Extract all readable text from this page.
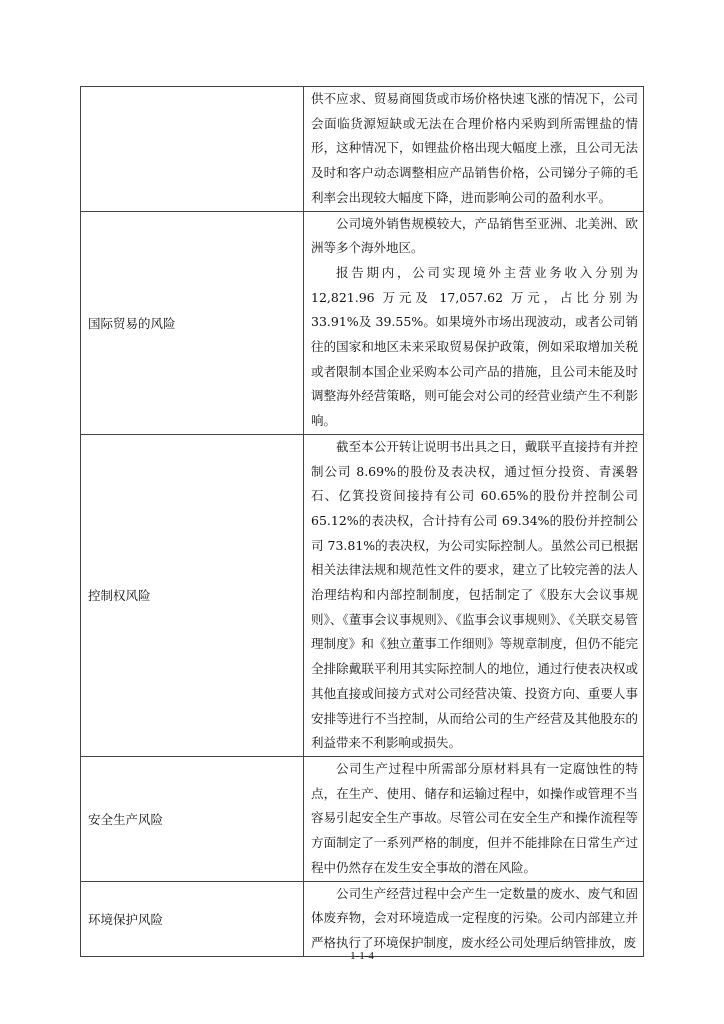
	供不应求、贸易商囤货或市场价格快速飞涨的情况下，公司会面临货源短缺或无法在合理价格内采购到所需锂盐的情形，这种情况下，如锂盐价格出现大幅度上涨，且公司无法及时和客户动态调整相应产品销售价格，公司锑分子筛的毛利率会出现较大幅度下降，进而影响公司的盈利水平。

国际贸易的风险	公司境外销售规模较大，产品销售至亚洲、北美洲、欧洲等多个海外地区。

报告期内，公司实现境外主营业务收入分别为 12,821.96 万元及 17,057.62 万元，占比分别为 33.91%及 39.55%。如果境外市场出现波动，或者公司销往的国家和地区未来采取贸易保护政策，例如采取增加关税或者限制本国企业采购本公司产品的措施，且公司未能及时调整海外经营策略，则可能会对公司的经营业绩产生不利影响。

控制权风险	截至本公开转让说明书出具之日，戴联平直接持有并控制公司 8.69%的股份及表决权，通过恒分投资、青溪磐石、亿箕投资间接持有公司 60.65%的股份并控制公司 65.12%的表决权，合计持有公司 69.34%的股份并控制公司 73.81%的表决权，为公司实际控制人。虽然公司已根据相关法律法规和规范性文件的要求，建立了比较完善的法人治理结构和内部控制制度，包括制定了《股东大会议事规则》、《董事会议事规则》、《监事会议事规则》、《关联交易管理制度》和《独立董事工作细则》等规章制度，但仍不能完全排除戴联平利用其实际控制人的地位，通过行使表决权或其他直接或间接方式对公司经营决策、投资方向、重要人事安排等进行不当控制，从而给公司的生产经营及其他股东的利益带来不利影响或损失。

安全生产风险	公司生产过程中所需部分原材料具有一定腐蚀性的特点，在生产、使用、储存和运输过程中，如操作或管理不当容易引起安全生产事故。尽管公司在安全生产和操作流程等方面制定了一系列严格的制度，但并不能排除在日常生产过程中仍然存在发生安全事故的潜在风险。

环境保护风险	公司生产经营过程中会产生一定数量的废水、废气和固体废弃物，会对环境造成一定程度的污染。公司内部建立并严格执行了环境保护制度，废水经公司处理后纳管排放，废

1-1-4
